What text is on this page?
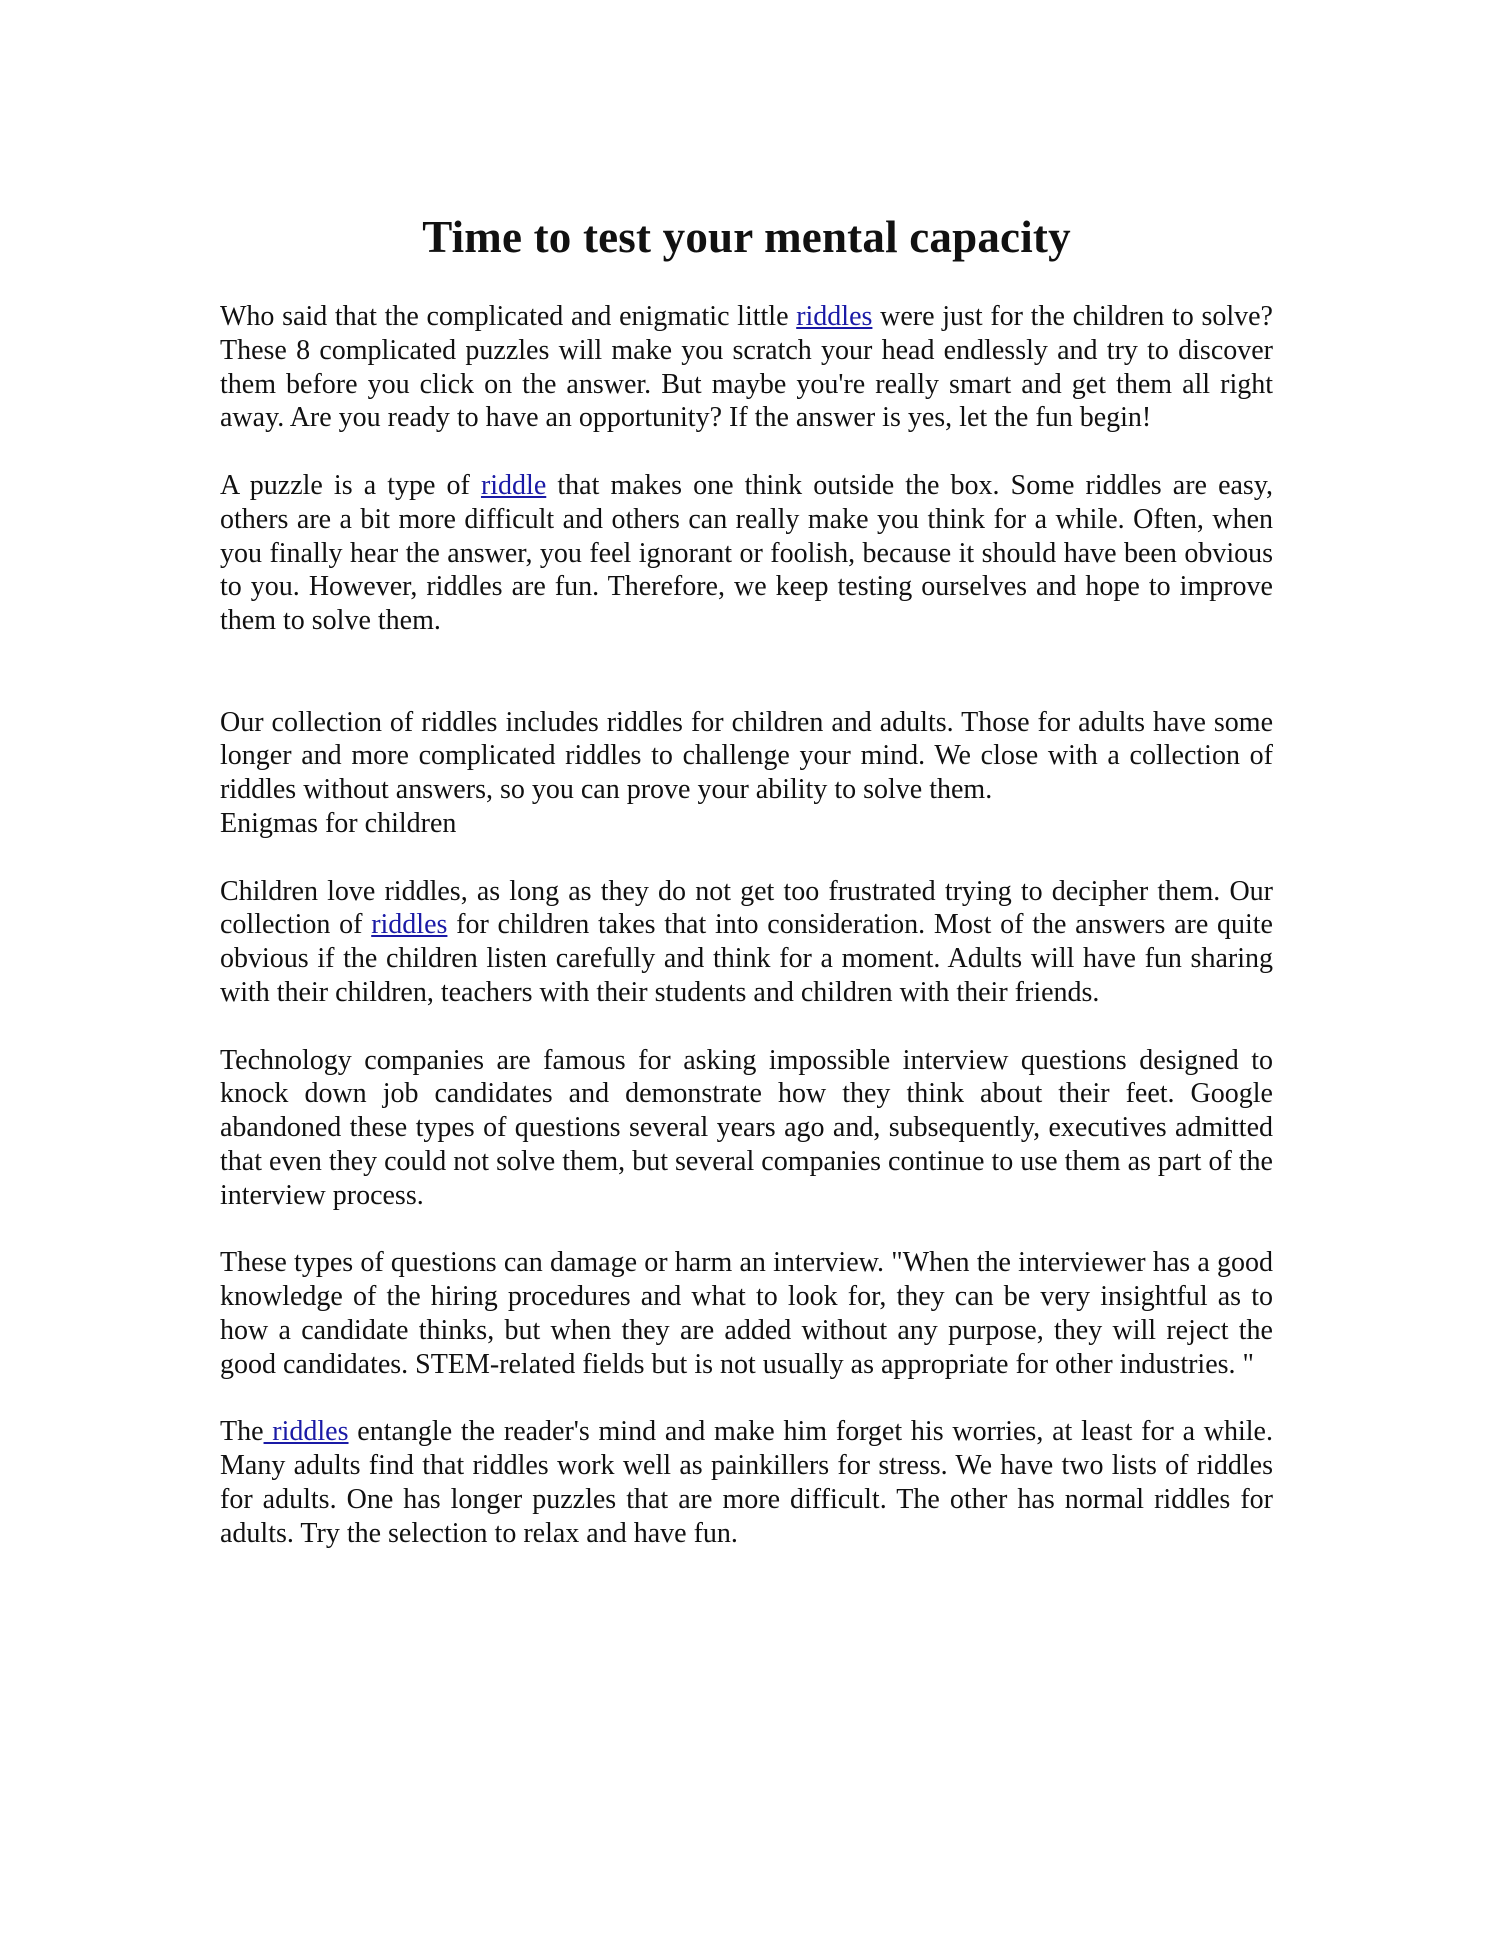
Time to test your mental capacity

Who said that the complicated and enigmatic little riddles were just for the children to solve? These 8 complicated puzzles will make you scratch your head endlessly and try to discover them before you click on the answer. But maybe you're really smart and get them all right away. Are you ready to have an opportunity? If the answer is yes, let the fun begin!

A puzzle is a type of riddle that makes one think outside the box. Some riddles are easy, others are a bit more difficult and others can really make you think for a while. Often, when you finally hear the answer, you feel ignorant or foolish, because it should have been obvious to you. However, riddles are fun. Therefore, we keep testing ourselves and hope to improve them to solve them.

Our collection of riddles includes riddles for children and adults. Those for adults have some longer and more complicated riddles to challenge your mind. We close with a collection of riddles without answers, so you can prove your ability to solve them.

Enigmas for children

Children love riddles, as long as they do not get too frustrated trying to decipher them. Our collection of riddles for children takes that into consideration. Most of the answers are quite obvious if the children listen carefully and think for a moment. Adults will have fun sharing with their children, teachers with their students and children with their friends.

Technology companies are famous for asking impossible interview questions designed to knock down job candidates and demonstrate how they think about their feet. Google abandoned these types of questions several years ago and, subsequently, executives admitted that even they could not solve them, but several companies continue to use them as part of the interview process.

These types of questions can damage or harm an interview. "When the interviewer has a good knowledge of the hiring procedures and what to look for, they can be very insightful as to how a candidate thinks, but when they are added without any purpose, they will reject the good candidates. STEM-related fields but is not usually as appropriate for other industries. "

The riddles entangle the reader's mind and make him forget his worries, at least for a while. Many adults find that riddles work well as painkillers for stress. We have two lists of riddles for adults. One has longer puzzles that are more difficult. The other has normal riddles for adults. Try the selection to relax and have fun.
